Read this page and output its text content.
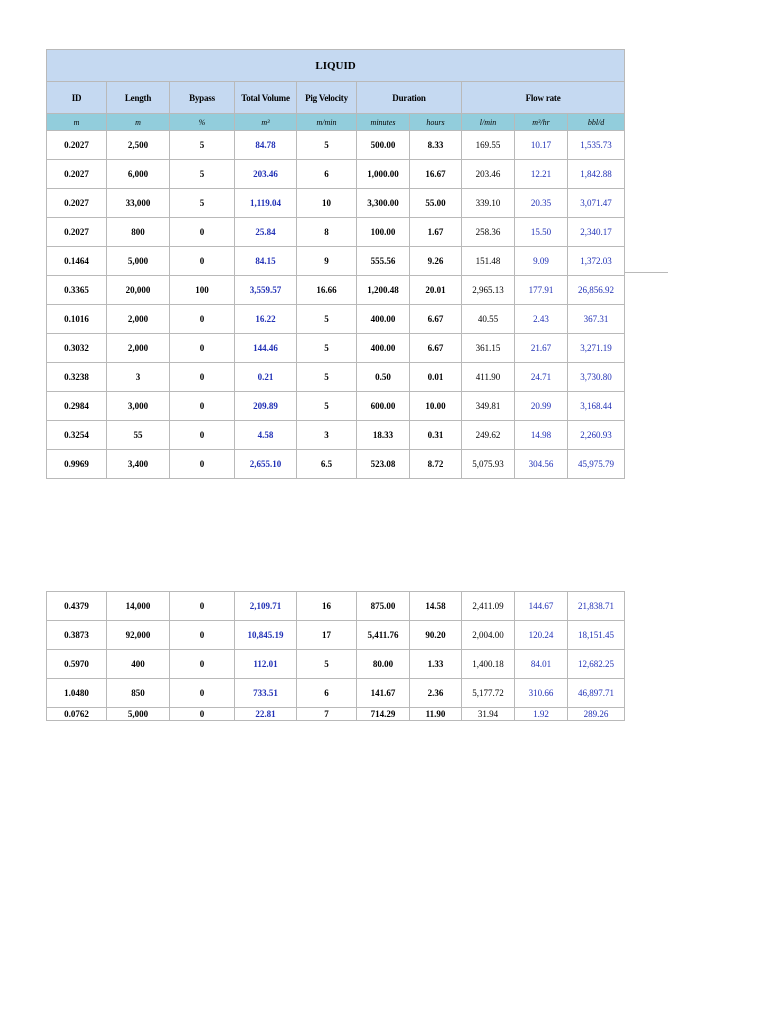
LIQUID									
ID	Length	Bypass	Total Volume	Pig Velocity	Duration		Flow rate		
m	m	%	m³	m/min	minutes	hours	l/min	m³/hr	bbl/d
0.2027	2,500	5	84.78	5	500.00	8.33	169.55	10.17	1,535.73
0.2027	6,000	5	203.46	6	1,000.00	16.67	203.46	12.21	1,842.88
0.2027	33,000	5	1,119.04	10	3,300.00	55.00	339.10	20.35	3,071.47
0.2027	800	0	25.84	8	100.00	1.67	258.36	15.50	2,340.17
0.1464	5,000	0	84.15	9	555.56	9.26	151.48	9.09	1,372.03
0.3365	20,000	100	3,559.57	16.66	1,200.48	20.01	2,965.13	177.91	26,856.92
0.1016	2,000	0	16.22	5	400.00	6.67	40.55	2.43	367.31
0.3032	2,000	0	144.46	5	400.00	6.67	361.15	21.67	3,271.19
0.3238	3	0	0.21	5	0.50	0.01	411.90	24.71	3,730.80
0.2984	3,000	0	209.89	5	600.00	10.00	349.81	20.99	3,168.44
0.3254	55	0	4.58	3	18.33	0.31	249.62	14.98	2,260.93
0.9969	3,400	0	2,655.10	6.5	523.08	8.72	5,075.93	304.56	45,975.79
0.4379	14,000	0	2,109.71	16	875.00	14.58	2,411.09	144.67	21,838.71
0.3873	92,000	0	10,845.19	17	5,411.76	90.20	2,004.00	120.24	18,151.45
0.5970	400	0	112.01	5	80.00	1.33	1,400.18	84.01	12,682.25
1.0480	850	0	733.51	6	141.67	2.36	5,177.72	310.66	46,897.71
0.0762	5,000	0	22.81	7	714.29	11.90	31.94	1.92	289.26
